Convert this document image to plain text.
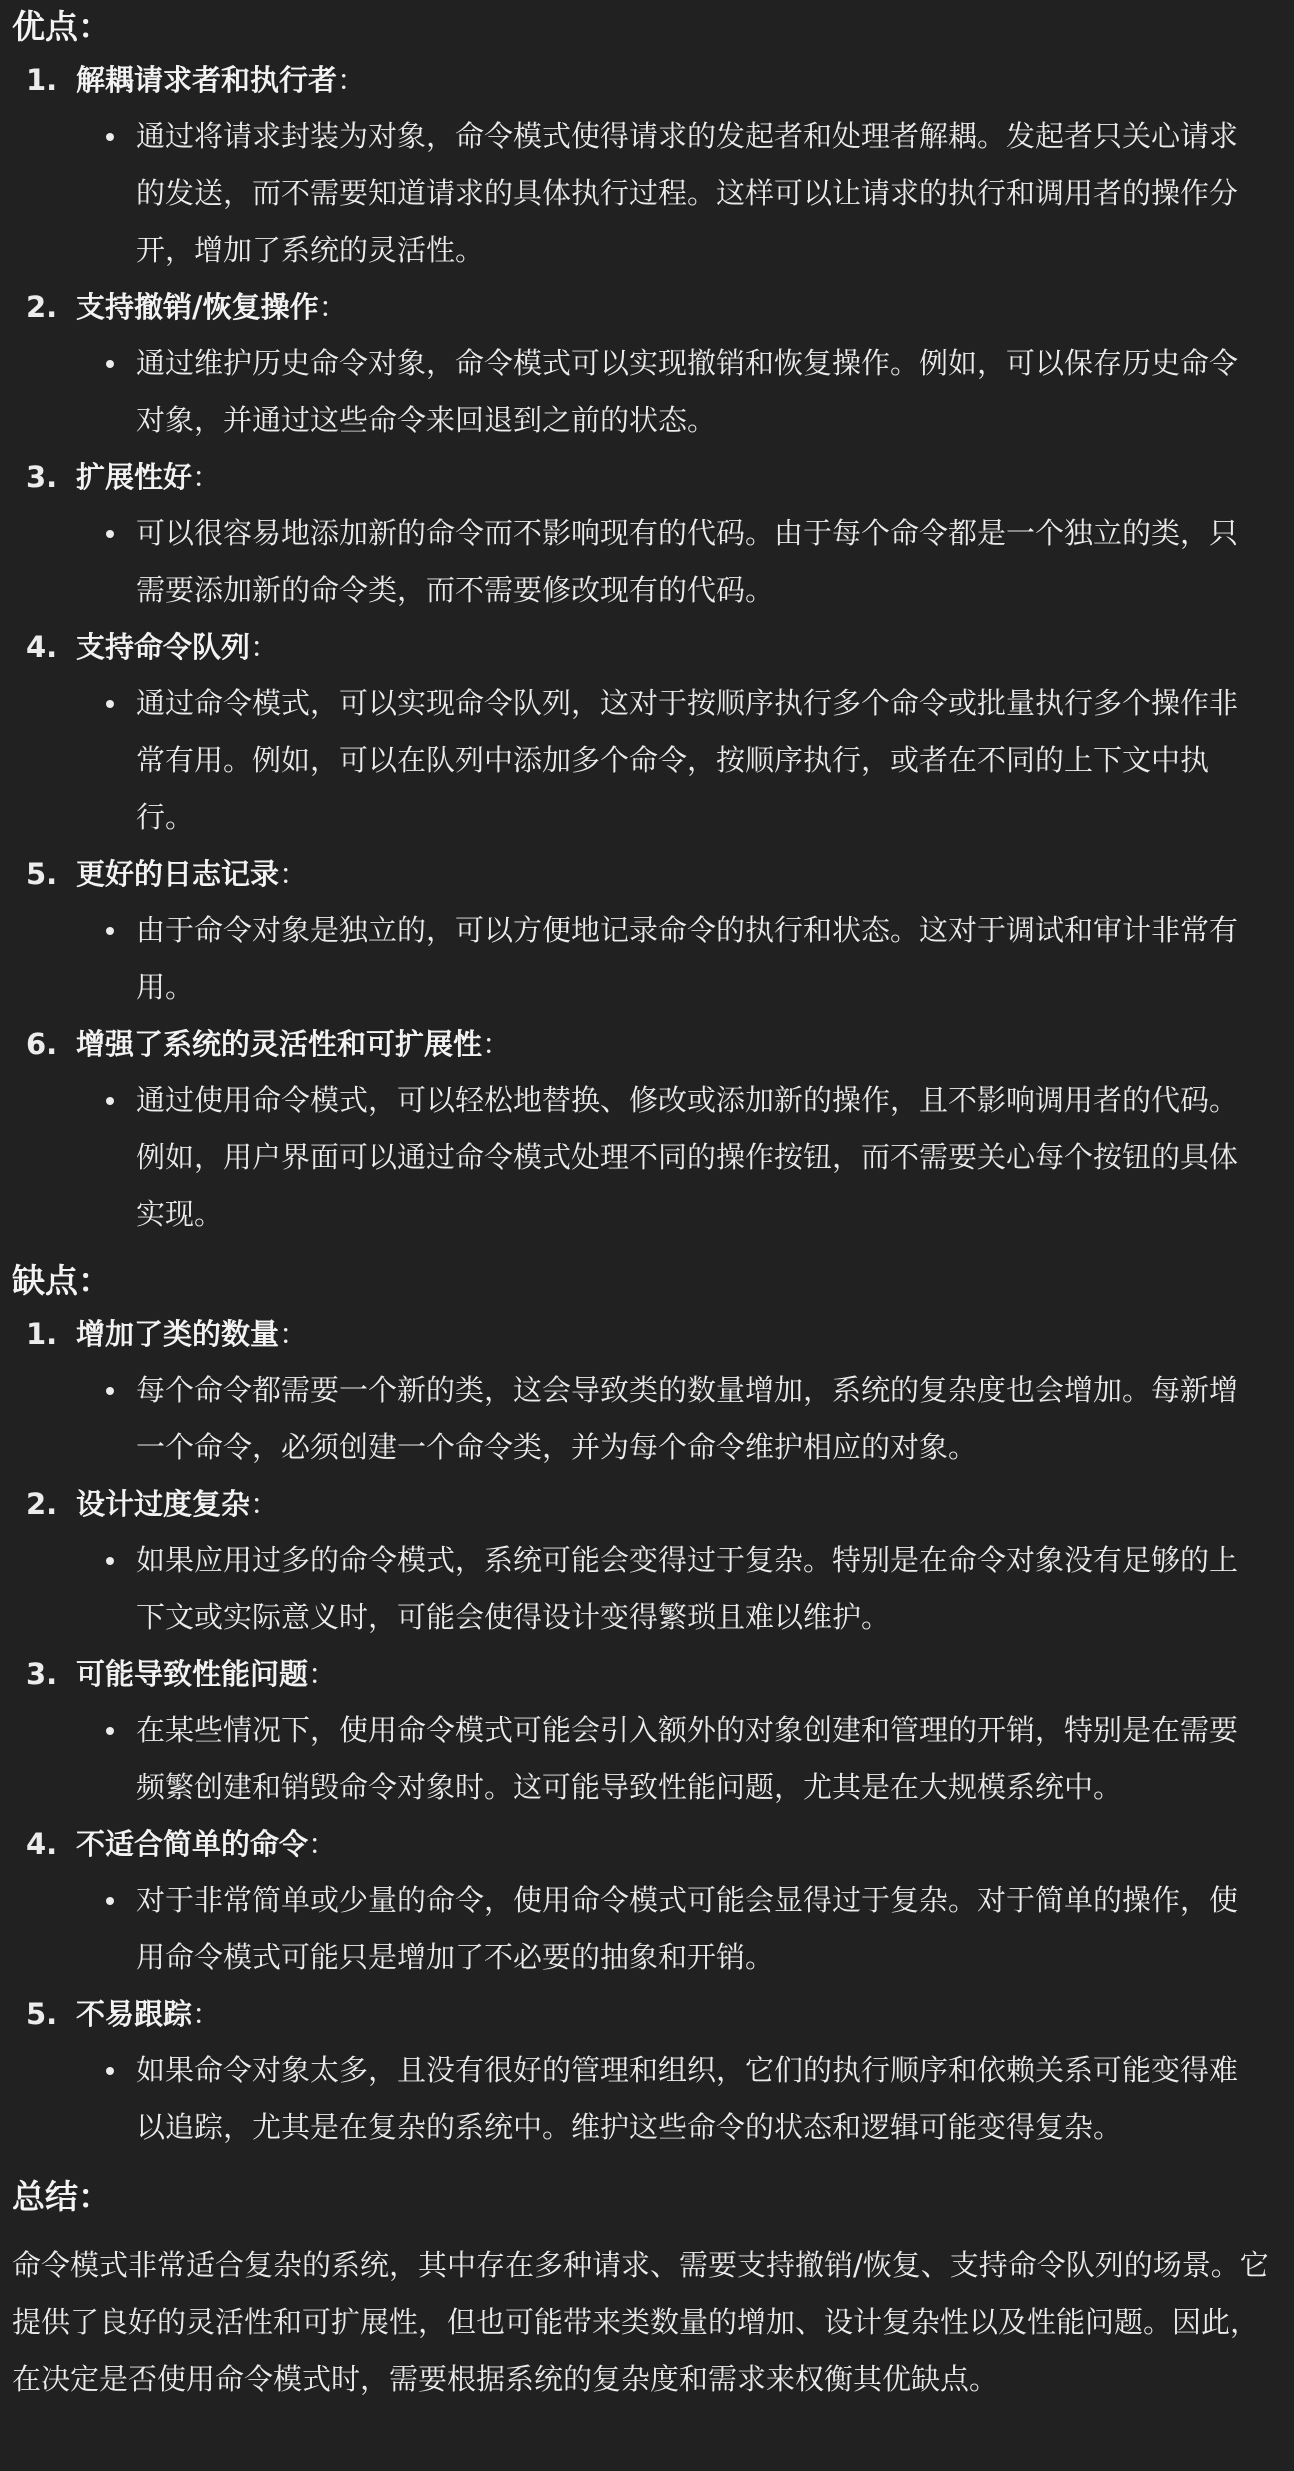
优点：
1. 解耦请求者和执行者 ：
通过将请求封装为对象，命令模式使得请求的发起者和处理者解耦。发起者只关心请求的发送，而不需要知道请求的具体执行过程。这样可以让请求的执行和调用者的操作分开，增加了系统的灵活性。
2. 支持撤销/恢复操作 ：
通过维护历史命令对象，命令模式可以实现撤销和恢复操作。例如，可以保存历史命令对象，并通过这些命令来回退到之前的状态。
3. 扩展性好 ：
可以很容易地添加新的命令而不影响现有的代码。由于每个命令都是一个独立的类，只需要添加新的命令类，而不需要修改现有的代码。
4. 支持命令队列 ：
通过命令模式，可以实现命令队列，这对于按顺序执行多个命令或批量执行多个操作非常有用。例如，可以在队列中添加多个命令，按顺序执行，或者在不同的上下文中执行。
5. 更好的日志记录 ：
由于命令对象是独立的，可以方便地记录命令的执行和状态。这对于调试和审计非常有用。
6. 增强了系统的灵活性和可扩展性 ：
通过使用命令模式，可以轻松地替换、修改或添加新的操作，且不影响调用者的代码。例如，用户界面可以通过命令模式处理不同的操作按钮，而不需要关心每个按钮的具体实现。
缺点：
1. 增加了类的数量 ：
每个命令都需要一个新的类，这会导致类的数量增加，系统的复杂度也会增加。每新增一个命令，必须创建一个命令类，并为每个命令维护相应的对象。
2. 设计过度复杂 ：
如果应用过多的命令模式，系统可能会变得过于复杂。特别是在命令对象没有足够的上下文或实际意义时，可能会使得设计变得繁琐且难以维护。
3. 可能导致性能问题 ：
在某些情况下，使用命令模式可能会引入额外的对象创建和管理的开销，特别是在需要频繁创建和销毁命令对象时。这可能导致性能问题，尤其是在大规模系统中。
4. 不适合简单的命令 ：
对于非常简单或少量的命令，使用命令模式可能会显得过于复杂。对于简单的操作，使用命令模式可能只是增加了不必要的抽象和开销。
5. 不易跟踪 ：
如果命令对象太多，且没有很好的管理和组织，它们的执行顺序和依赖关系可能变得难以追踪，尤其是在复杂的系统中。维护这些命令的状态和逻辑可能变得复杂。
总结：

命令模式非常适合复杂的系统，其中存在多种请求、需要支持撤销/恢复、支持命令队列的场景。它提供了良好的灵活性和可扩展性，但也可能带来类数量的增加、设计复杂性以及性能问题。因此，在决定是否使用命令模式时，需要根据系统的复杂度和需求来权衡其优缺点。
